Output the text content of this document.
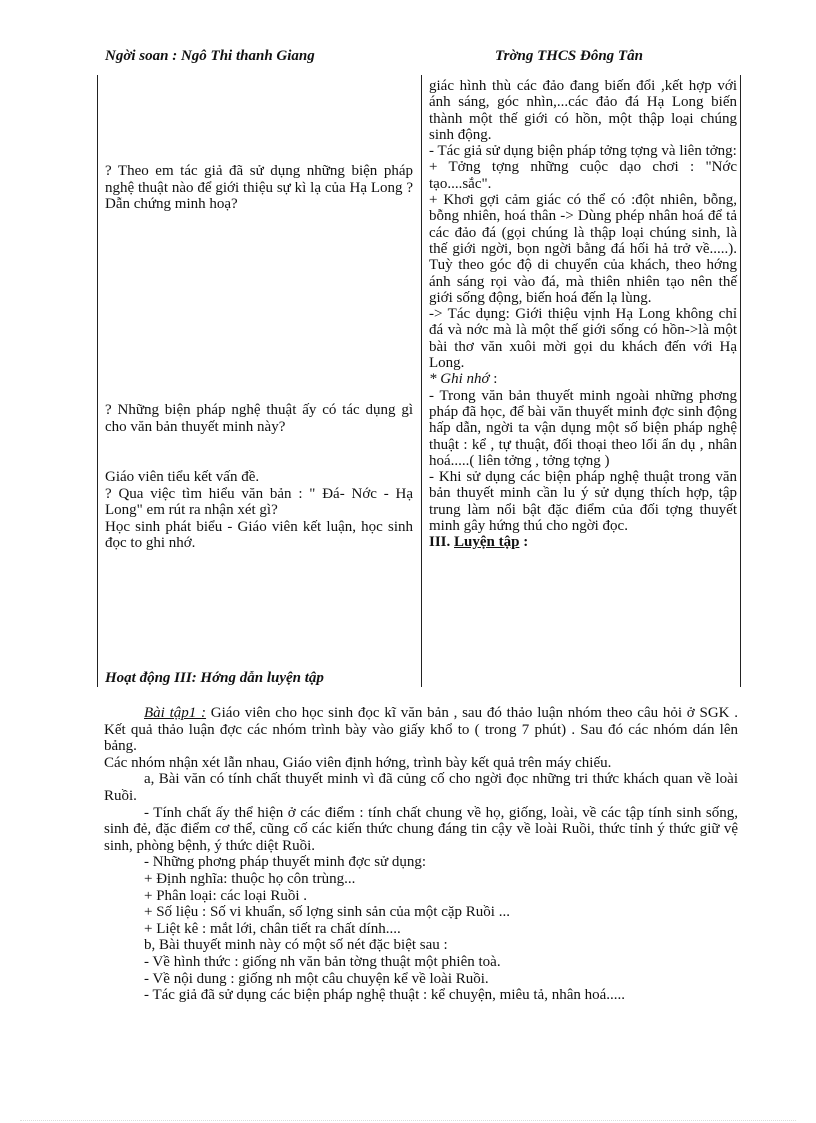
Ngời soan : Ngô Thi thanh Giang	Trờng THCS Đông Tân
? Theo em tác giả đã sử dụng những biện pháp nghệ thuật nào để giới thiệu sự kì lạ của Hạ Long ? Dẫn chứng minh hoạ?
? Những biện pháp nghệ thuật ấy có tác dụng gì cho văn bản thuyết minh này?

Giáo viên tiểu kết vấn đề.

? Qua việc tìm hiểu văn bản : " Đá- Nớc - Hạ Long" em rút ra nhận xét gì?

Học sinh phát biểu - Giáo viên kết luận, học sinh đọc to ghi nhớ.

Hoạt động III: Hớng dẫn luyện tập

giác hình thù các đảo đang biến đổi ,kết hợp với ánh sáng, góc nhìn,...các đảo đá Hạ Long biến thành một thế giới có hồn, một thập loại chúng sinh động.

- Tác giả sử dụng biện pháp tởng tợng và liên tởng:

+ Tởng tợng những cuộc dạo chơi : "Nớc tạo....sắc".

+ Khơi gợi cảm giác có thể có :đột nhiên, bỗng, bỗng nhiên, hoá thân -> Dùng phép nhân hoá để tả các đảo đá (gọi chúng là thập loại chúng sinh, là thế giới ngời, bọn ngời bằng đá hối hả trở về.....). Tuỳ theo góc độ di chuyển của khách, theo hớng ánh sáng rọi vào đá, mà thiên nhiên tạo nên thế giới sống động, biến hoá đến lạ lùng.

-> Tác dụng: Giới thiệu vịnh Hạ Long không chỉ đá và nớc mà là một thế giới sống có hồn->là một bài thơ văn xuôi mời gọi du khách đến với Hạ Long.

* Ghi nhớ :

- Trong văn bản thuyết minh ngoài những phơng pháp đã học, để bài văn thuyết minh đợc sinh động hấp dẫn, ngời ta vận dụng một số biện pháp nghệ thuật : kể , tự thuật, đối thoại theo lối ẩn dụ , nhân hoá.....( liên tởng , tởng tợng )

- Khi sử dụng các biện pháp nghệ thuật trong văn bản thuyết minh cần lu ý sử dụng thích hợp, tập trung làm nổi bật đặc điểm của đối tợng thuyết minh gây hứng thú cho ngời đọc.

III. Luyện tập :

Bài tập1 : Giáo viên cho học sinh đọc kĩ văn bản , sau đó thảo luận nhóm theo câu hỏi ở SGK . Kết quả thảo luận đợc các nhóm trình bày vào giấy khổ to ( trong 7 phút) . Sau đó các nhóm dán lên bảng.

Các nhóm nhận xét lẫn nhau, Giáo viên định hớng, trình bày kết quả trên máy chiếu.

a, Bài văn có tính chất thuyết minh vì đã củng cố cho ngời đọc những tri thức khách quan về loài Ruồi.

- Tính chất ấy thể hiện ở các điểm : tính chất chung về họ, giống, loài, về các tập tính sinh sống, sinh đẻ, đặc điểm cơ thể, cũng cố các kiến thức chung đáng tin cậy về loài Ruồi, thức tỉnh ý thức giữ vệ sinh, phòng bệnh, ý thức diệt Ruồi.

- Những phơng pháp thuyết minh đợc sử dụng:

+ Định nghĩa: thuộc họ côn trùng...

+ Phân loại: các loại Ruồi .

+ Số liệu : Số vi khuẩn, số lợng sinh sản của một cặp Ruồi ...

+ Liệt kê : mắt lới, chân tiết ra chất dính....

b, Bài thuyết minh này có một số nét đặc biệt sau :

- Về hình thức : giống nh văn bản tờng thuật một phiên toà.

- Về nội dung : giống nh một câu chuyện kể về loài Ruồi.

- Tác giả đã sử dụng các biện pháp nghệ thuật : kể chuyện, miêu tả, nhân hoá.....
